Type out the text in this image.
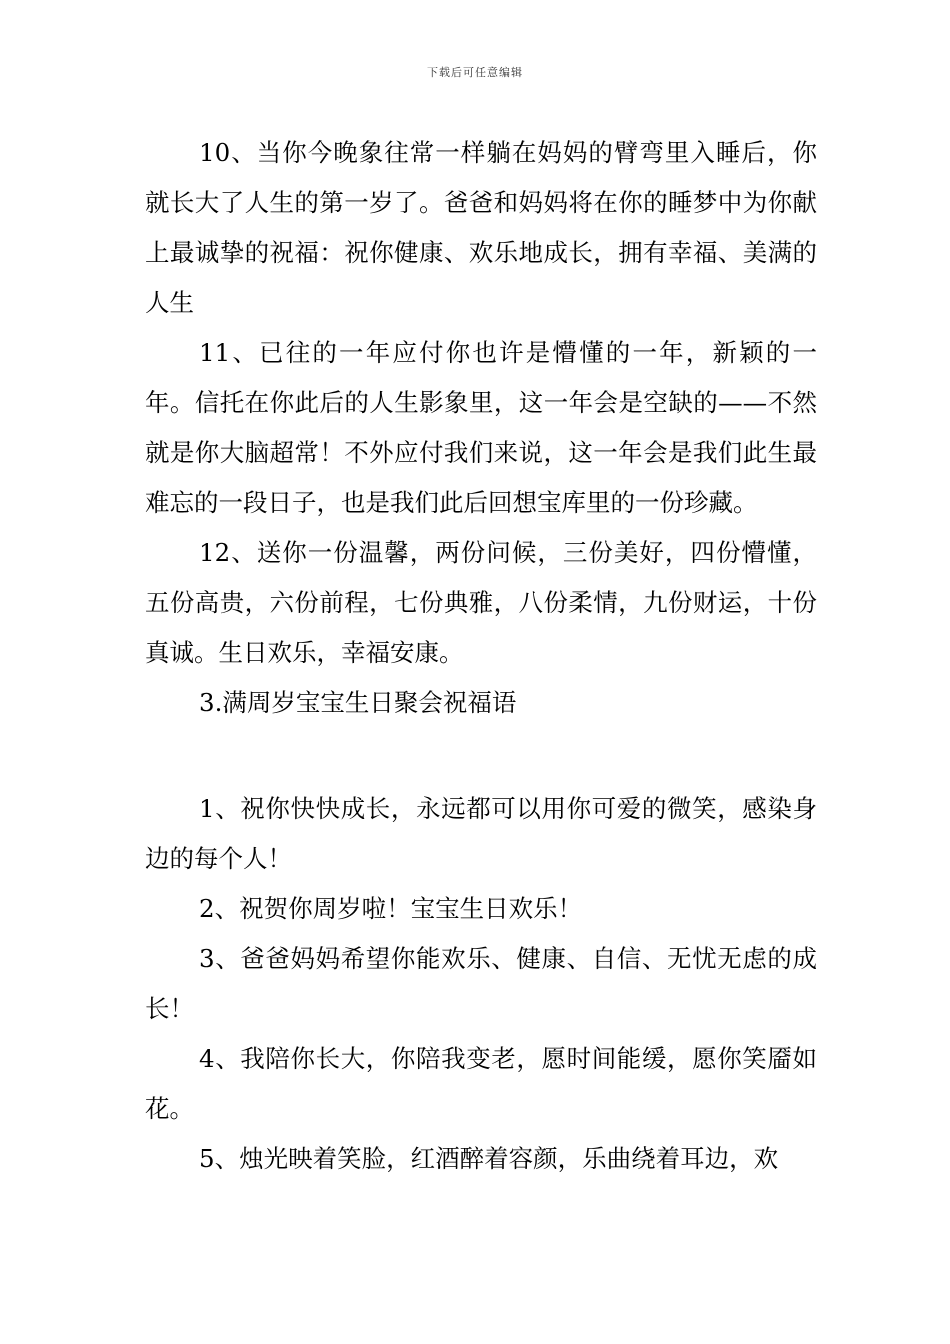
下载后可任意编辑

10、当你今晚象往常一样躺在妈妈的臂弯里入睡后，你就长大了人生的第一岁了。爸爸和妈妈将在你的睡梦中为你献上最诚挚的祝福：祝你健康、欢乐地成长，拥有幸福、美满的人生

11、已往的一年应付你也许是懵懂的一年，新颖的一年。信托在你此后的人生影象里，这一年会是空缺的——不然就是你大脑超常！不外应付我们来说，这一年会是我们此生最难忘的一段日子，也是我们此后回想宝库里的一份珍藏。

12、送你一份温馨，两份问候，三份美好，四份懵懂，五份高贵，六份前程，七份典雅，八份柔情，九份财运，十份真诚。生日欢乐，幸福安康。

3.满周岁宝宝生日聚会祝福语

1、祝你快快成长，永远都可以用你可爱的微笑，感染身边的每个人！

2、祝贺你周岁啦！宝宝生日欢乐！

3、爸爸妈妈希望你能欢乐、健康、自信、无忧无虑的成长！

4、我陪你长大，你陪我变老，愿时间能缓，愿你笑靥如花。

5、烛光映着笑脸，红酒醉着容颜，乐曲绕着耳边，欢
